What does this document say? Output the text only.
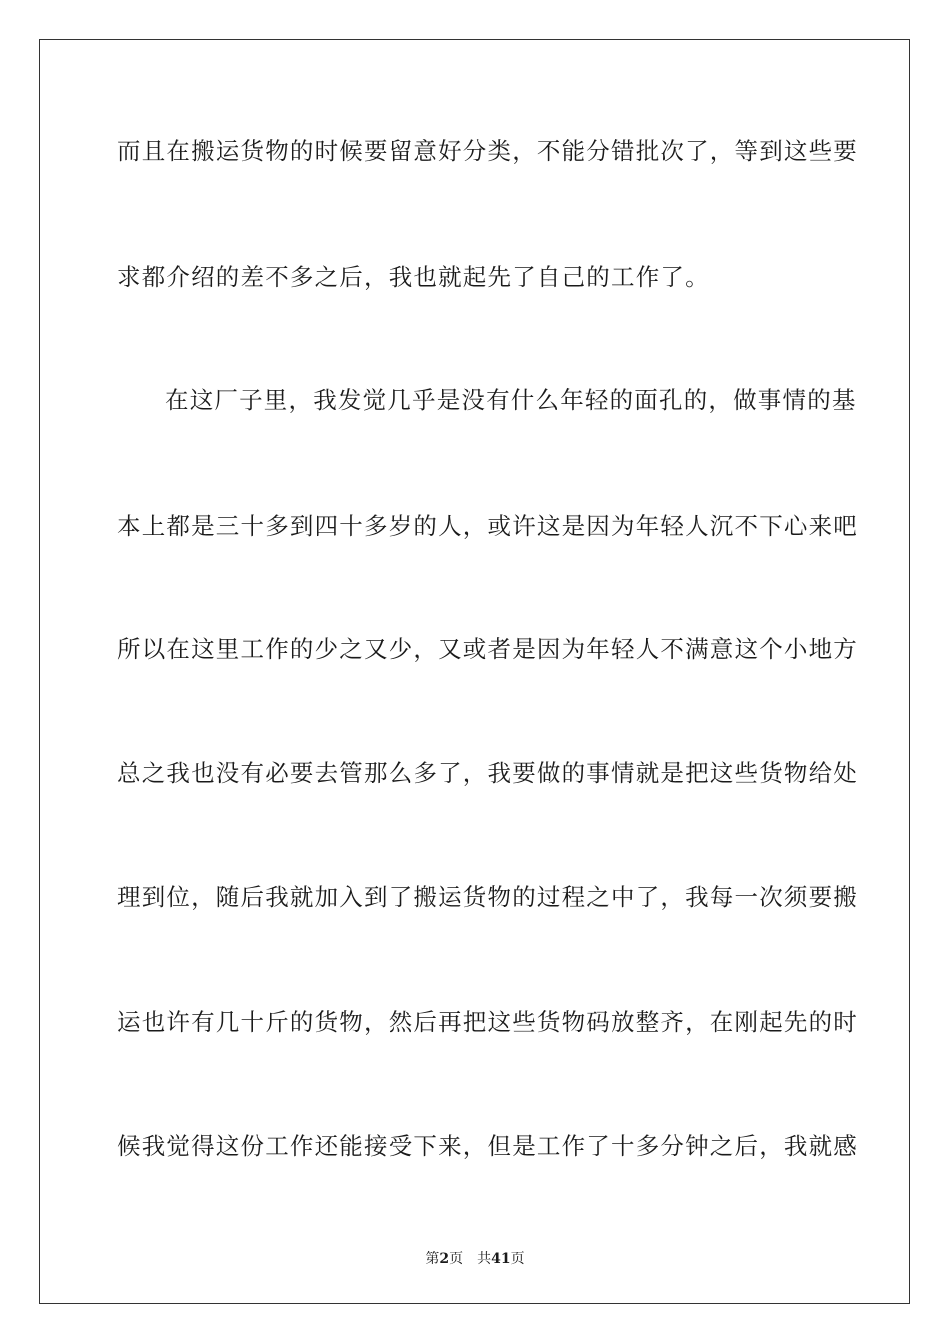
而且在搬运货物的时候要留意好分类，不能分错批次了，等到这些要
求都介绍的差不多之后，我也就起先了自己的工作了。
在这厂子里，我发觉几乎是没有什么年轻的面孔的，做事情的基
本上都是三十多到四十多岁的人，或许这是因为年轻人沉不下心来吧
所以在这里工作的少之又少，又或者是因为年轻人不满意这个小地方
总之我也没有必要去管那么多了，我要做的事情就是把这些货物给处
理到位，随后我就加入到了搬运货物的过程之中了，我每一次须要搬
运也许有几十斤的货物，然后再把这些货物码放整齐，在刚起先的时
候我觉得这份工作还能接受下来，但是工作了十多分钟之后，我就感
第2页 共41页
